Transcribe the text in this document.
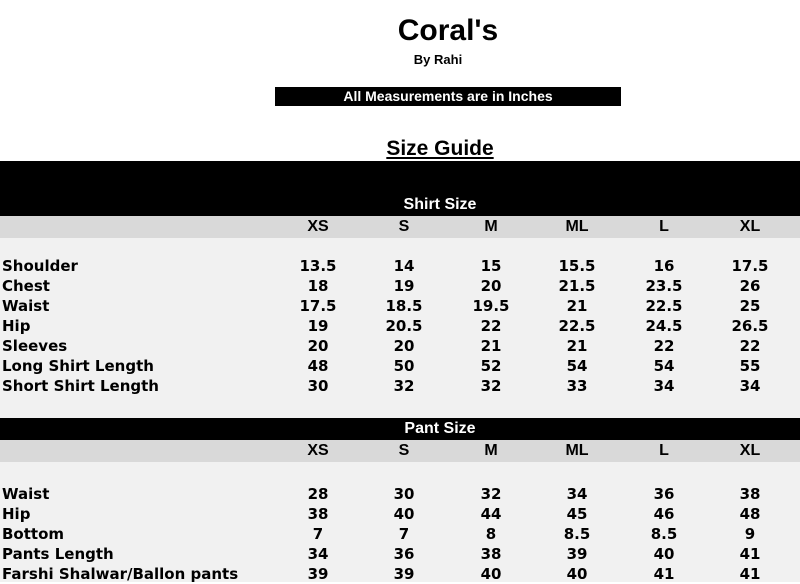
Coral's
By Rahi
All Measurements are in Inches
Size Guide
Shirt Size
XS	S	M	ML	L	XL
Shoulder	13.5	14	15	15.5	16	17.5
Chest	18	19	20	21.5	23.5	26
Waist	17.5	18.5	19.5	21	22.5	25
Hip	19	20.5	22	22.5	24.5	26.5
Sleeves	20	20	21	21	22	22
Long Shirt Length	48	50	52	54	54	55
Short Shirt Length	30	32	32	33	34	34
Pant Size
XS	S	M	ML	L	XL
Waist	28	30	32	34	36	38
Hip	38	40	44	45	46	48
Bottom	7	7	8	8.5	8.5	9
Pants Length	34	36	38	39	40	41
Farshi Shalwar/Ballon pants	39	39	40	40	41	41
